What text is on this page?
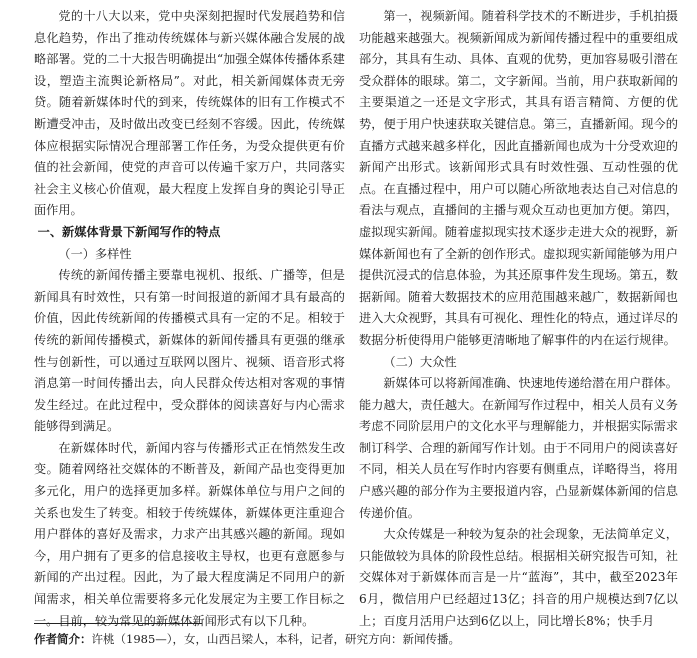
党的十八大以来，党中央深刻把握时代发展趋势和信息化趋势，作出了推动传统媒体与新兴媒体融合发展的战略部署。党的二十大报告明确提出“加强全媒体传播体系建设，塑造主流舆论新格局”。对此，相关新闻媒体责无旁贷。随着新媒体时代的到来，传统媒体的旧有工作模式不断遭受冲击，及时做出改变已经刻不容缓。因此，传统媒体应根据实际情况合理部署工作任务，为受众提供更有价值的社会新闻，使党的声音可以传遍千家万户，共同落实社会主义核心价值观，最大程度上发挥自身的舆论引导正面作用。

一、新媒体背景下新闻写作的特点
（一）多样性

传统的新闻传播主要靠电视机、报纸、广播等，但是新闻具有时效性，只有第一时间报道的新闻才具有最高的价值，因此传统新闻的传播模式具有一定的不足。相较于传统的新闻传播模式，新媒体的新闻传播具有更强的继承性与创新性，可以通过互联网以图片、视频、语音形式将消息第一时间传播出去，向人民群众传达相对客观的事情发生经过。在此过程中，受众群体的阅读喜好与内心需求能够得到满足。

在新媒体时代，新闻内容与传播形式正在悄然发生改变。随着网络社交媒体的不断普及，新闻产品也变得更加多元化，用户的选择更加多样。新媒体单位与用户之间的关系也发生了转变。相较于传统媒体，新媒体更注重迎合用户群体的喜好及需求，力求产出其感兴趣的新闻。现如今，用户拥有了更多的信息接收主导权，也更有意愿参与新闻的产出过程。因此，为了最大程度满足不同用户的新闻需求，相关单位需要将多元化发展定为主要工作目标之一。目前，较为常见的新媒体新闻形式有以下几种。

第一，视频新闻。随着科学技术的不断进步，手机拍摄功能越来越强大。视频新闻成为新闻传播过程中的重要组成部分，其具有生动、具体、直观的优势，更加容易吸引潜在受众群体的眼球。第二，文字新闻。当前，用户获取新闻的主要渠道之一还是文字形式，其具有语言精简、方便的优势，便于用户快速获取关键信息。第三，直播新闻。现今的直播方式越来越多样化，因此直播新闻也成为十分受欢迎的新闻产出形式。该新闻形式具有时效性强、互动性强的优点。在直播过程中，用户可以随心所欲地表达自己对信息的看法与观点，直播间的主播与观众互动也更加方便。第四，虚拟现实新闻。随着虚拟现实技术逐步走进大众的视野，新媒体新闻也有了全新的创作形式。虚拟现实新闻能够为用户提供沉浸式的信息体验，为其还原事件发生现场。第五，数据新闻。随着大数据技术的应用范围越来越广，数据新闻也进入大众视野，其具有可视化、理性化的特点，通过详尽的数据分析使得用户能够更清晰地了解事件的内在运行规律。

（二）大众性

新媒体可以将新闻准确、快速地传递给潜在用户群体。能力越大，责任越大。在新闻写作过程中，相关人员有义务考虑不同阶层用户的文化水平与理解能力，并根据实际需求制订科学、合理的新闻写作计划。由于不同用户的阅读喜好不同，相关人员在写作时内容要有侧重点，详略得当，将用户感兴趣的部分作为主要报道内容，凸显新媒体新闻的信息传递价值。

大众传媒是一种较为复杂的社会现象，无法简单定义，只能做较为具体的阶段性总结。根据相关研究报告可知，社交媒体对于新媒体而言是一片“蓝海”，其中，截至2023年6月，微信用户已经超过13亿；抖音的用户规模达到7亿以上；百度月活用户达到6亿以上，同比增长8%；快手月

作者简介：许桃（1985—），女，山西吕梁人，本科，记者，研究方向：新闻传播。
